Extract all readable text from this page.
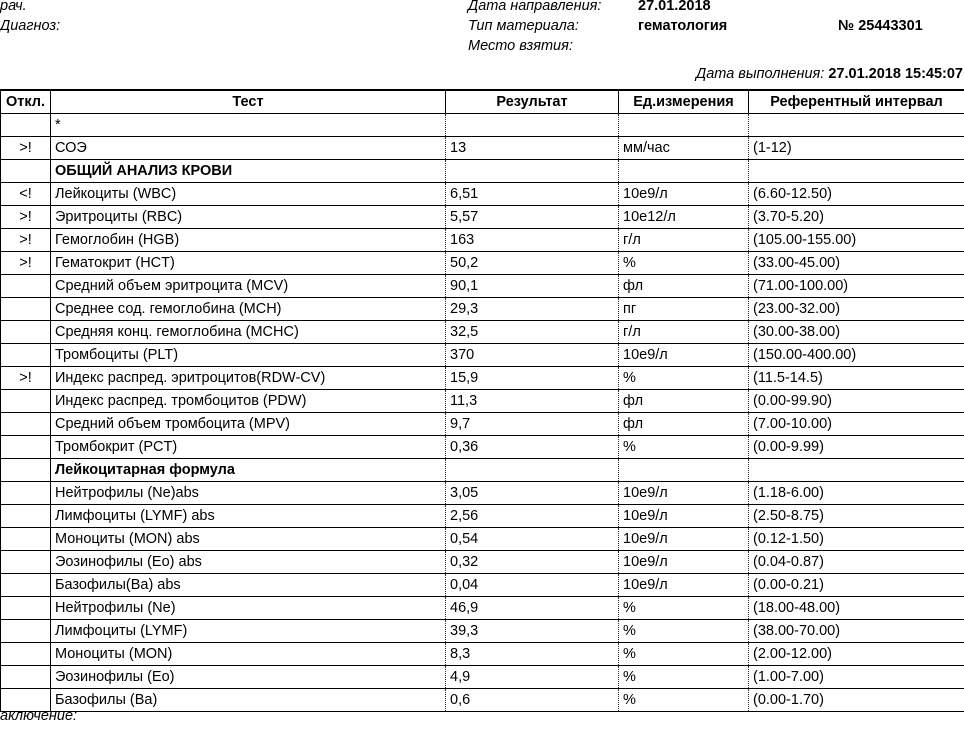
рач.
Диагноз:
Дата направления:	27.01.2018
Тип материала:	гематология
Место взятия:
№ 25443301
Дата выполнения: 27.01.2018 15:45:07
Откл.	Тест	Результат	Ед.измерения	Референтный интервал
	*			
>!	СОЭ	13	мм/час	(1-12)
	ОБЩИЙ АНАЛИЗ КРОВИ			
<!	Лейкоциты (WBC)	6,51	10е9/л	(6.60-12.50)
>!	Эритроциты (RBC)	5,57	10е12/л	(3.70-5.20)
>!	Гемоглобин (HGB)	163	г/л	(105.00-155.00)
>!	Гематокрит (HCT)	50,2	%	(33.00-45.00)
	Средний объем эритроцита (MCV)	90,1	фл	(71.00-100.00)
	Среднее сод. гемоглобина (MCH)	29,3	пг	(23.00-32.00)
	Средняя конц. гемоглобина (MCHC)	32,5	г/л	(30.00-38.00)
	Тромбоциты (PLT)	370	10е9/л	(150.00-400.00)
>!	Индекс распред. эритроцитов(RDW-CV)	15,9	%	(11.5-14.5)
	Индекс распред. тромбоцитов (PDW)	11,3	фл	(0.00-99.90)
	Средний объем тромбоцита (MPV)	9,7	фл	(7.00-10.00)
	Тромбокрит (PCT)	0,36	%	(0.00-9.99)
	Лейкоцитарная формула			
	Нейтрофилы (Ne)abs	3,05	10е9/л	(1.18-6.00)
	Лимфоциты (LYMF) abs	2,56	10е9/л	(2.50-8.75)
	Моноциты (MON) abs	0,54	10е9/л	(0.12-1.50)
	Эозинофилы (Eo) abs	0,32	10е9/л	(0.04-0.87)
	Базофилы(Ba) abs	0,04	10е9/л	(0.00-0.21)
	Нейтрофилы (Ne)	46,9	%	(18.00-48.00)
	Лимфоциты (LYMF)	39,3	%	(38.00-70.00)
	Моноциты (MON)	8,3	%	(2.00-12.00)
	Эозинофилы (Eo)	4,9	%	(1.00-7.00)
	Базофилы (Ba)	0,6	%	(0.00-1.70)
аключение:
